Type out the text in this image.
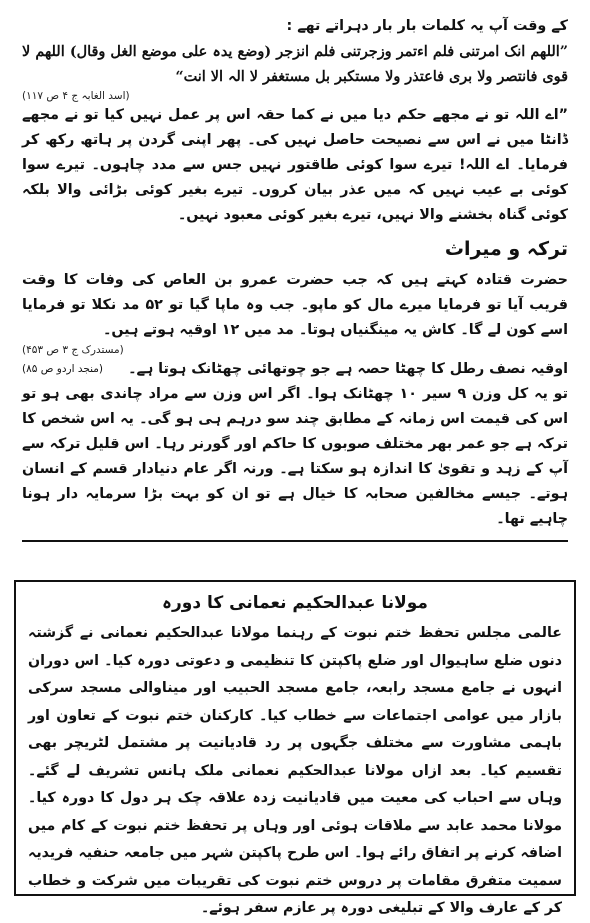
کے وقت آپ یہ کلمات بار بار دہراتے تھے :

”اللھم انک امرتنی فلم اءتمر وزجرتنی فلم انزجر (وضع یدہ علی موضع الغل وقال) اللھم لا قوی فانتصر ولا بری فاعتذر ولا مستکبر بل مستغفر لا الہ الا انت“

(اسد الغابہ ج ۴ ص ۱۱۷)

”اے اللہ تو نے مجھے حکم دیا میں نے کما حقہ اس پر عمل نہیں کیا تو نے مجھے ڈانٹا میں نے اس سے نصیحت حاصل نہیں کی۔ پھر اپنی گردن پر ہاتھ رکھ کر فرمایا۔ اے اللہ! تیرے سوا کوئی طاقتور نہیں جس سے مدد چاہوں۔ تیرے سوا کوئی بے عیب نہیں کہ میں عذر بیان کروں۔ تیرے بغیر کوئی بڑائی والا بلکہ کوئی گناہ بخشنے والا نہیں، تیرے بغیر کوئی معبود نہیں۔

ترکہ و میراث

حضرت قتادہ کہتے ہیں کہ جب حضرت عمرو بن العاص کی وفات کا وقت قریب آیا تو فرمایا میرے مال کو ماپو۔ جب وہ ماپا گیا تو ۵۲ مد نکلا تو فرمایا اسے کون لے گا۔ کاش یہ مینگنیاں ہوتا۔ مد میں ۱۲ اوقیہ ہوتے ہیں۔

(مستدرک ج ۳ ص ۴۵۳)

اوقیہ نصف رطل کا چھٹا حصہ ہے جو چوتھائی چھٹانک ہوتا ہے۔
(منجد اردو ص ۸۵)

تو یہ کل وزن ۹ سیر ۱۰ چھٹانک ہوا۔ اگر اس وزن سے مراد چاندی بھی ہو تو اس کی قیمت اس زمانہ کے مطابق چند سو درہم ہی ہو گی۔ یہ اس شخص کا ترکہ ہے جو عمر بھر مختلف صوبوں کا حاکم اور گورنر رہا۔ اس قلیل ترکہ سے آپ کے زہد و تقویٰ کا اندازہ ہو سکتا ہے۔ ورنہ اگر عام دنیادار قسم کے انسان ہوتے۔ جیسے مخالفین صحابہ کا خیال ہے تو ان کو بہت بڑا سرمایہ دار ہونا چاہیے تھا۔

مولانا عبدالحکیم نعمانی کا دورہ

عالمی مجلس تحفظ ختم نبوت کے رہنما مولانا عبدالحکیم نعمانی نے گزشتہ دنوں ضلع ساہیوال اور ضلع پاکپتن کا تنظیمی و دعوتی دورہ کیا۔ اس دوران انہوں نے جامع مسجد رابعہ، جامع مسجد الحبیب اور میناوالی مسجد سرکی بازار میں عوامی اجتماعات سے خطاب کیا۔ کارکنان ختم نبوت کے تعاون اور باہمی مشاورت سے مختلف جگہوں پر رد قادیانیت پر مشتمل لٹریچر بھی تقسیم کیا۔ بعد ازاں مولانا عبدالحکیم نعمانی ملک ہانس تشریف لے گئے۔ وہاں سے احباب کی معیت میں قادیانیت زدہ علاقہ چک ہر دول کا دورہ کیا۔ مولانا محمد عابد سے ملاقات ہوئی اور وہاں پر تحفظ ختم نبوت کے کام میں اضافہ کرنے پر اتفاق رائے ہوا۔ اس طرح پاکپتن شہر میں جامعہ حنفیہ فریدیہ سمیت متفرق مقامات پر دروس ختم نبوت کی تقریبات میں شرکت و خطاب کر کے عارف والا کے تبلیغی دورہ پر عازم سفر ہوئے۔
